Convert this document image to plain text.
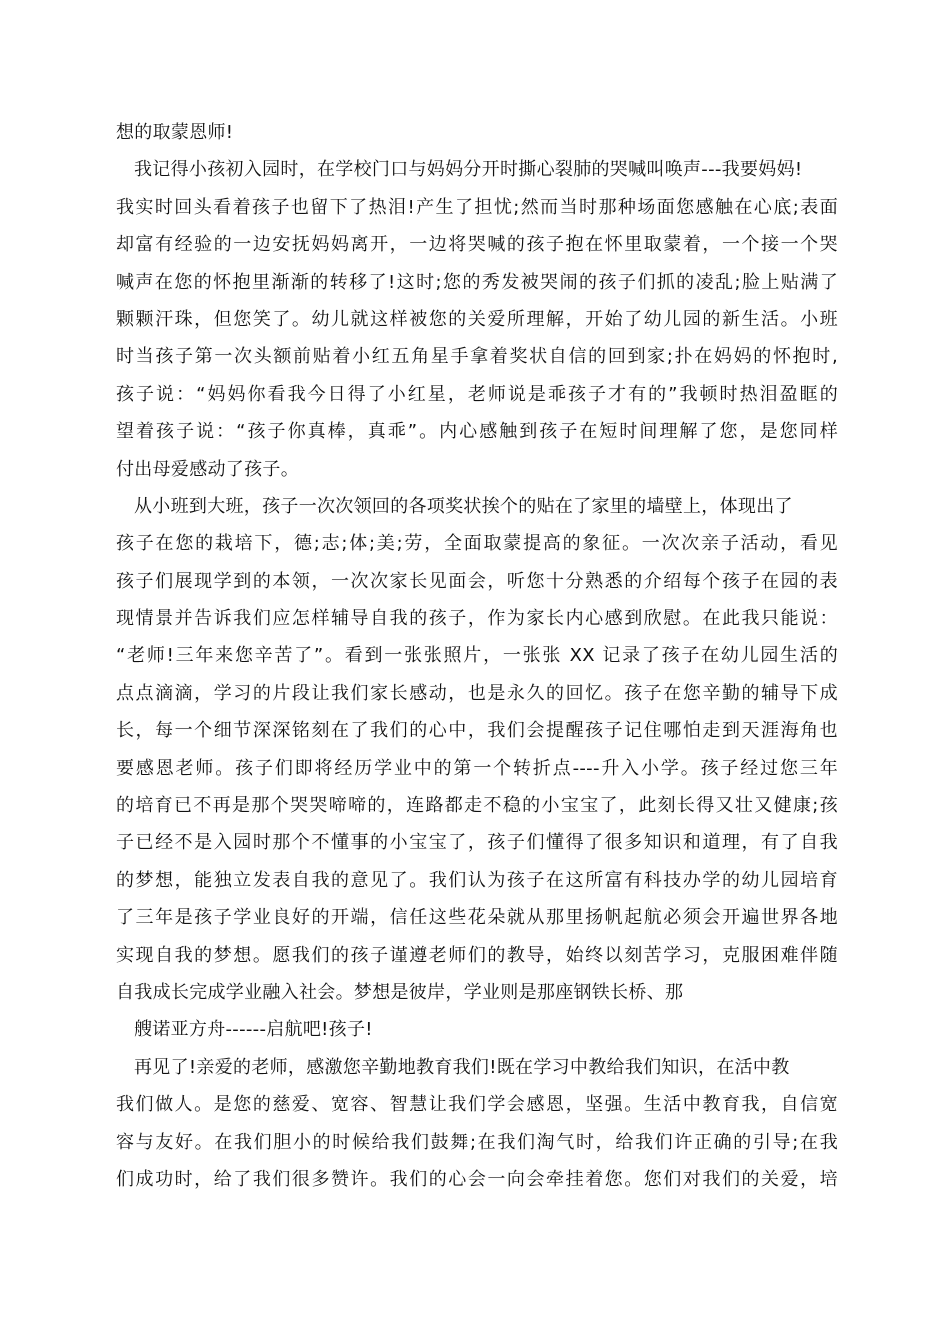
想的取蒙恩师!
我记得小孩初入园时，在学校门口与妈妈分开时撕心裂肺的哭喊叫唤声---我要妈妈!
我实时回头看着孩子也留下了热泪!产生了担忧;然而当时那种场面您感触在心底;表面
却富有经验的一边安抚妈妈离开，一边将哭喊的孩子抱在怀里取蒙着，一个接一个哭
喊声在您的怀抱里渐渐的转移了!这时;您的秀发被哭闹的孩子们抓的凌乱;脸上贴满了
颗颗汗珠，但您笑了。幼儿就这样被您的关爱所理解，开始了幼儿园的新生活。小班
时当孩子第一次头额前贴着小红五角星手拿着奖状自信的回到家;扑在妈妈的怀抱时,
孩子说：“妈妈你看我今日得了小红星，老师说是乖孩子才有的”我顿时热泪盈眶的
望着孩子说：“孩子你真棒，真乖”。内心感触到孩子在短时间理解了您，是您同样
付出母爱感动了孩子。
从小班到大班，孩子一次次领回的各项奖状挨个的贴在了家里的墙壁上，体现出了
孩子在您的栽培下，德;志;体;美;劳，全面取蒙提高的象征。一次次亲子活动，看见
孩子们展现学到的本领，一次次家长见面会，听您十分熟悉的介绍每个孩子在园的表
现情景并告诉我们应怎样辅导自我的孩子，作为家长内心感到欣慰。在此我只能说：
“老师!三年来您辛苦了”。看到一张张照片，一张张 XX 记录了孩子在幼儿园生活的
点点滴滴，学习的片段让我们家长感动，也是永久的回忆。孩子在您辛勤的辅导下成
长，每一个细节深深铭刻在了我们的心中，我们会提醒孩子记住哪怕走到天涯海角也
要感恩老师。孩子们即将经历学业中的第一个转折点----升入小学。孩子经过您三年
的培育已不再是那个哭哭啼啼的，连路都走不稳的小宝宝了，此刻长得又壮又健康;孩
子已经不是入园时那个不懂事的小宝宝了，孩子们懂得了很多知识和道理，有了自我
的梦想，能独立发表自我的意见了。我们认为孩子在这所富有科技办学的幼儿园培育
了三年是孩子学业良好的开端，信任这些花朵就从那里扬帆起航必须会开遍世界各地
实现自我的梦想。愿我们的孩子谨遵老师们的教导，始终以刻苦学习，克服困难伴随
自我成长完成学业融入社会。梦想是彼岸，学业则是那座钢铁长桥、那
艘诺亚方舟------启航吧!孩子!
再见了!亲爱的老师，感激您辛勤地教育我们!既在学习中教给我们知识，在活中教
我们做人。是您的慈爱、宽容、智慧让我们学会感恩，坚强。生活中教育我，自信宽
容与友好。在我们胆小的时候给我们鼓舞;在我们淘气时，给我们许正确的引导;在我
们成功时，给了我们很多赞许。我们的心会一向会牵挂着您。您们对我们的关爱，培
